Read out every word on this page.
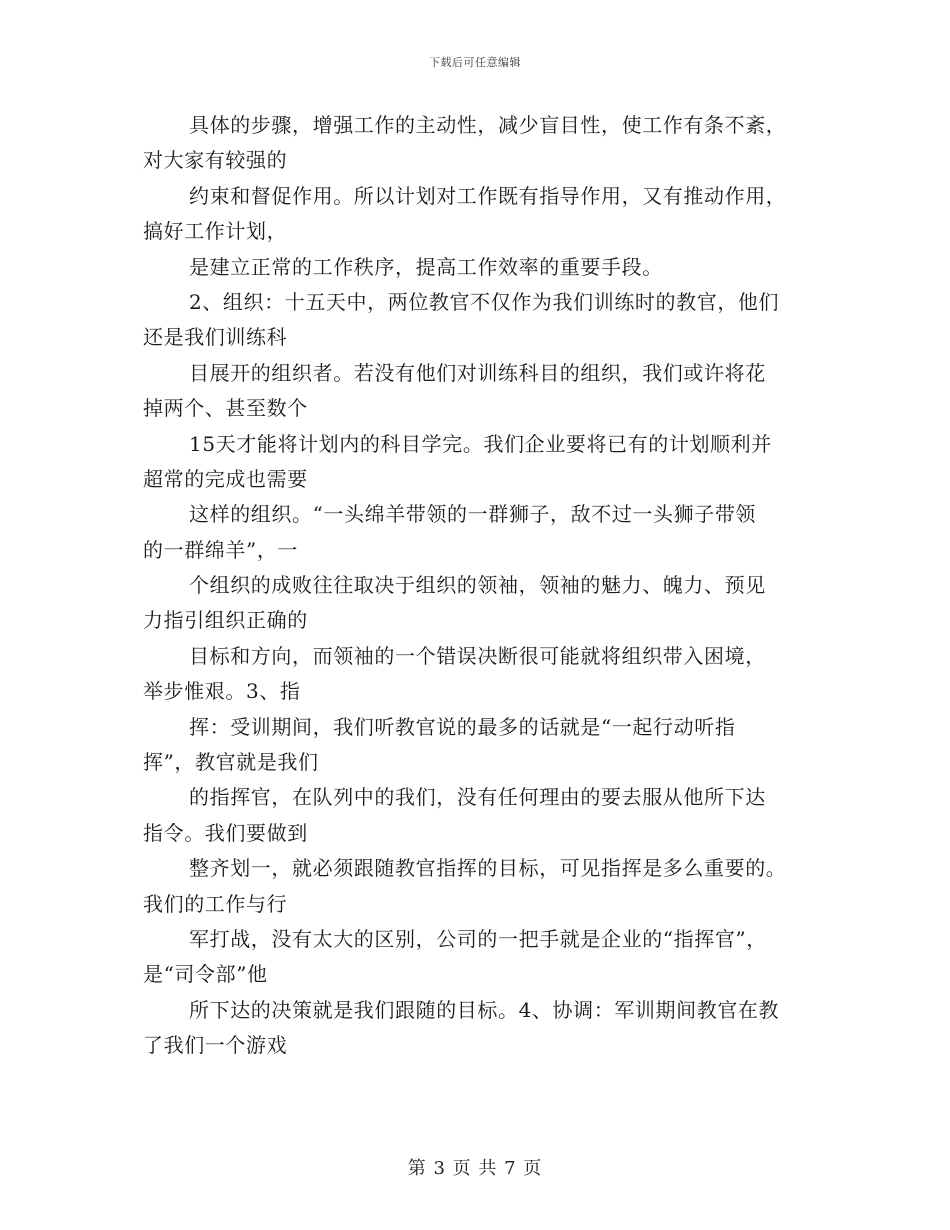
下载后可任意编辑
具体的步骤，增强工作的主动性，减少盲目性，使工作有条不紊，
对大家有较强的
约束和督促作用。所以计划对工作既有指导作用，又有推动作用，
搞好工作计划，
是建立正常的工作秩序，提高工作效率的重要手段。
2、组织：十五天中，两位教官不仅作为我们训练时的教官，他们
还是我们训练科
目展开的组织者。若没有他们对训练科目的组织，我们或许将花
掉两个、甚至数个
15天才能将计划内的科目学完。我们企业要将已有的计划顺利并
超常的完成也需要
这样的组织。“一头绵羊带领的一群狮子，敌不过一头狮子带领
的一群绵羊”，一
个组织的成败往往取决于组织的领袖，领袖的魅力、魄力、预见
力指引组织正确的
目标和方向，而领袖的一个错误决断很可能就将组织带入困境，
举步惟艰。3、指
挥：受训期间，我们听教官说的最多的话就是“一起行动听指
挥”，教官就是我们
的指挥官，在队列中的我们，没有任何理由的要去服从他所下达
指令。我们要做到
整齐划一，就必须跟随教官指挥的目标，可见指挥是多么重要的。
我们的工作与行
军打战，没有太大的区别，公司的一把手就是企业的“指挥官”，
是“司令部”他
所下达的决策就是我们跟随的目标。4、协调：军训期间教官在教
了我们一个游戏
第 3 页 共 7 页
